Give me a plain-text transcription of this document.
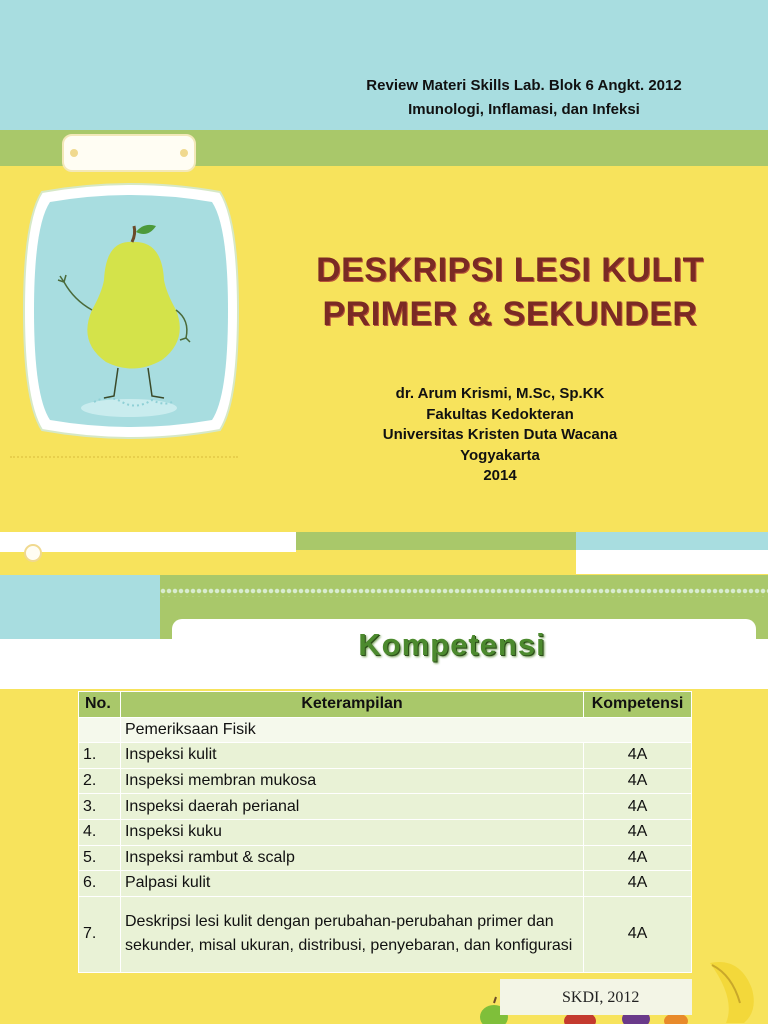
Review Materi Skills Lab. Blok 6 Angkt. 2012
Imunologi, Inflamasi, dan Infeksi
DESKRIPSI LESI KULIT
PRIMER & SEKUNDER
dr. Arum Krismi, M.Sc, Sp.KK
Fakultas Kedokteran
Universitas Kristen Duta Wacana
Yogyakarta
2014
Kompetensi
No.	Keterampilan	Kompetensi
	Pemeriksaan Fisik	
1.	Inspeksi kulit	4A
2.	Inspeksi membran mukosa	4A
3.	Inspeksi daerah perianal	4A
4.	Inspeksi kuku	4A
5.	Inspeksi rambut & scalp	4A
6.	Palpasi kulit	4A
7.	Deskripsi lesi kulit dengan perubahan-perubahan primer dan sekunder, misal ukuran, distribusi, penyebaran, dan konfigurasi	4A
SKDI, 2012
